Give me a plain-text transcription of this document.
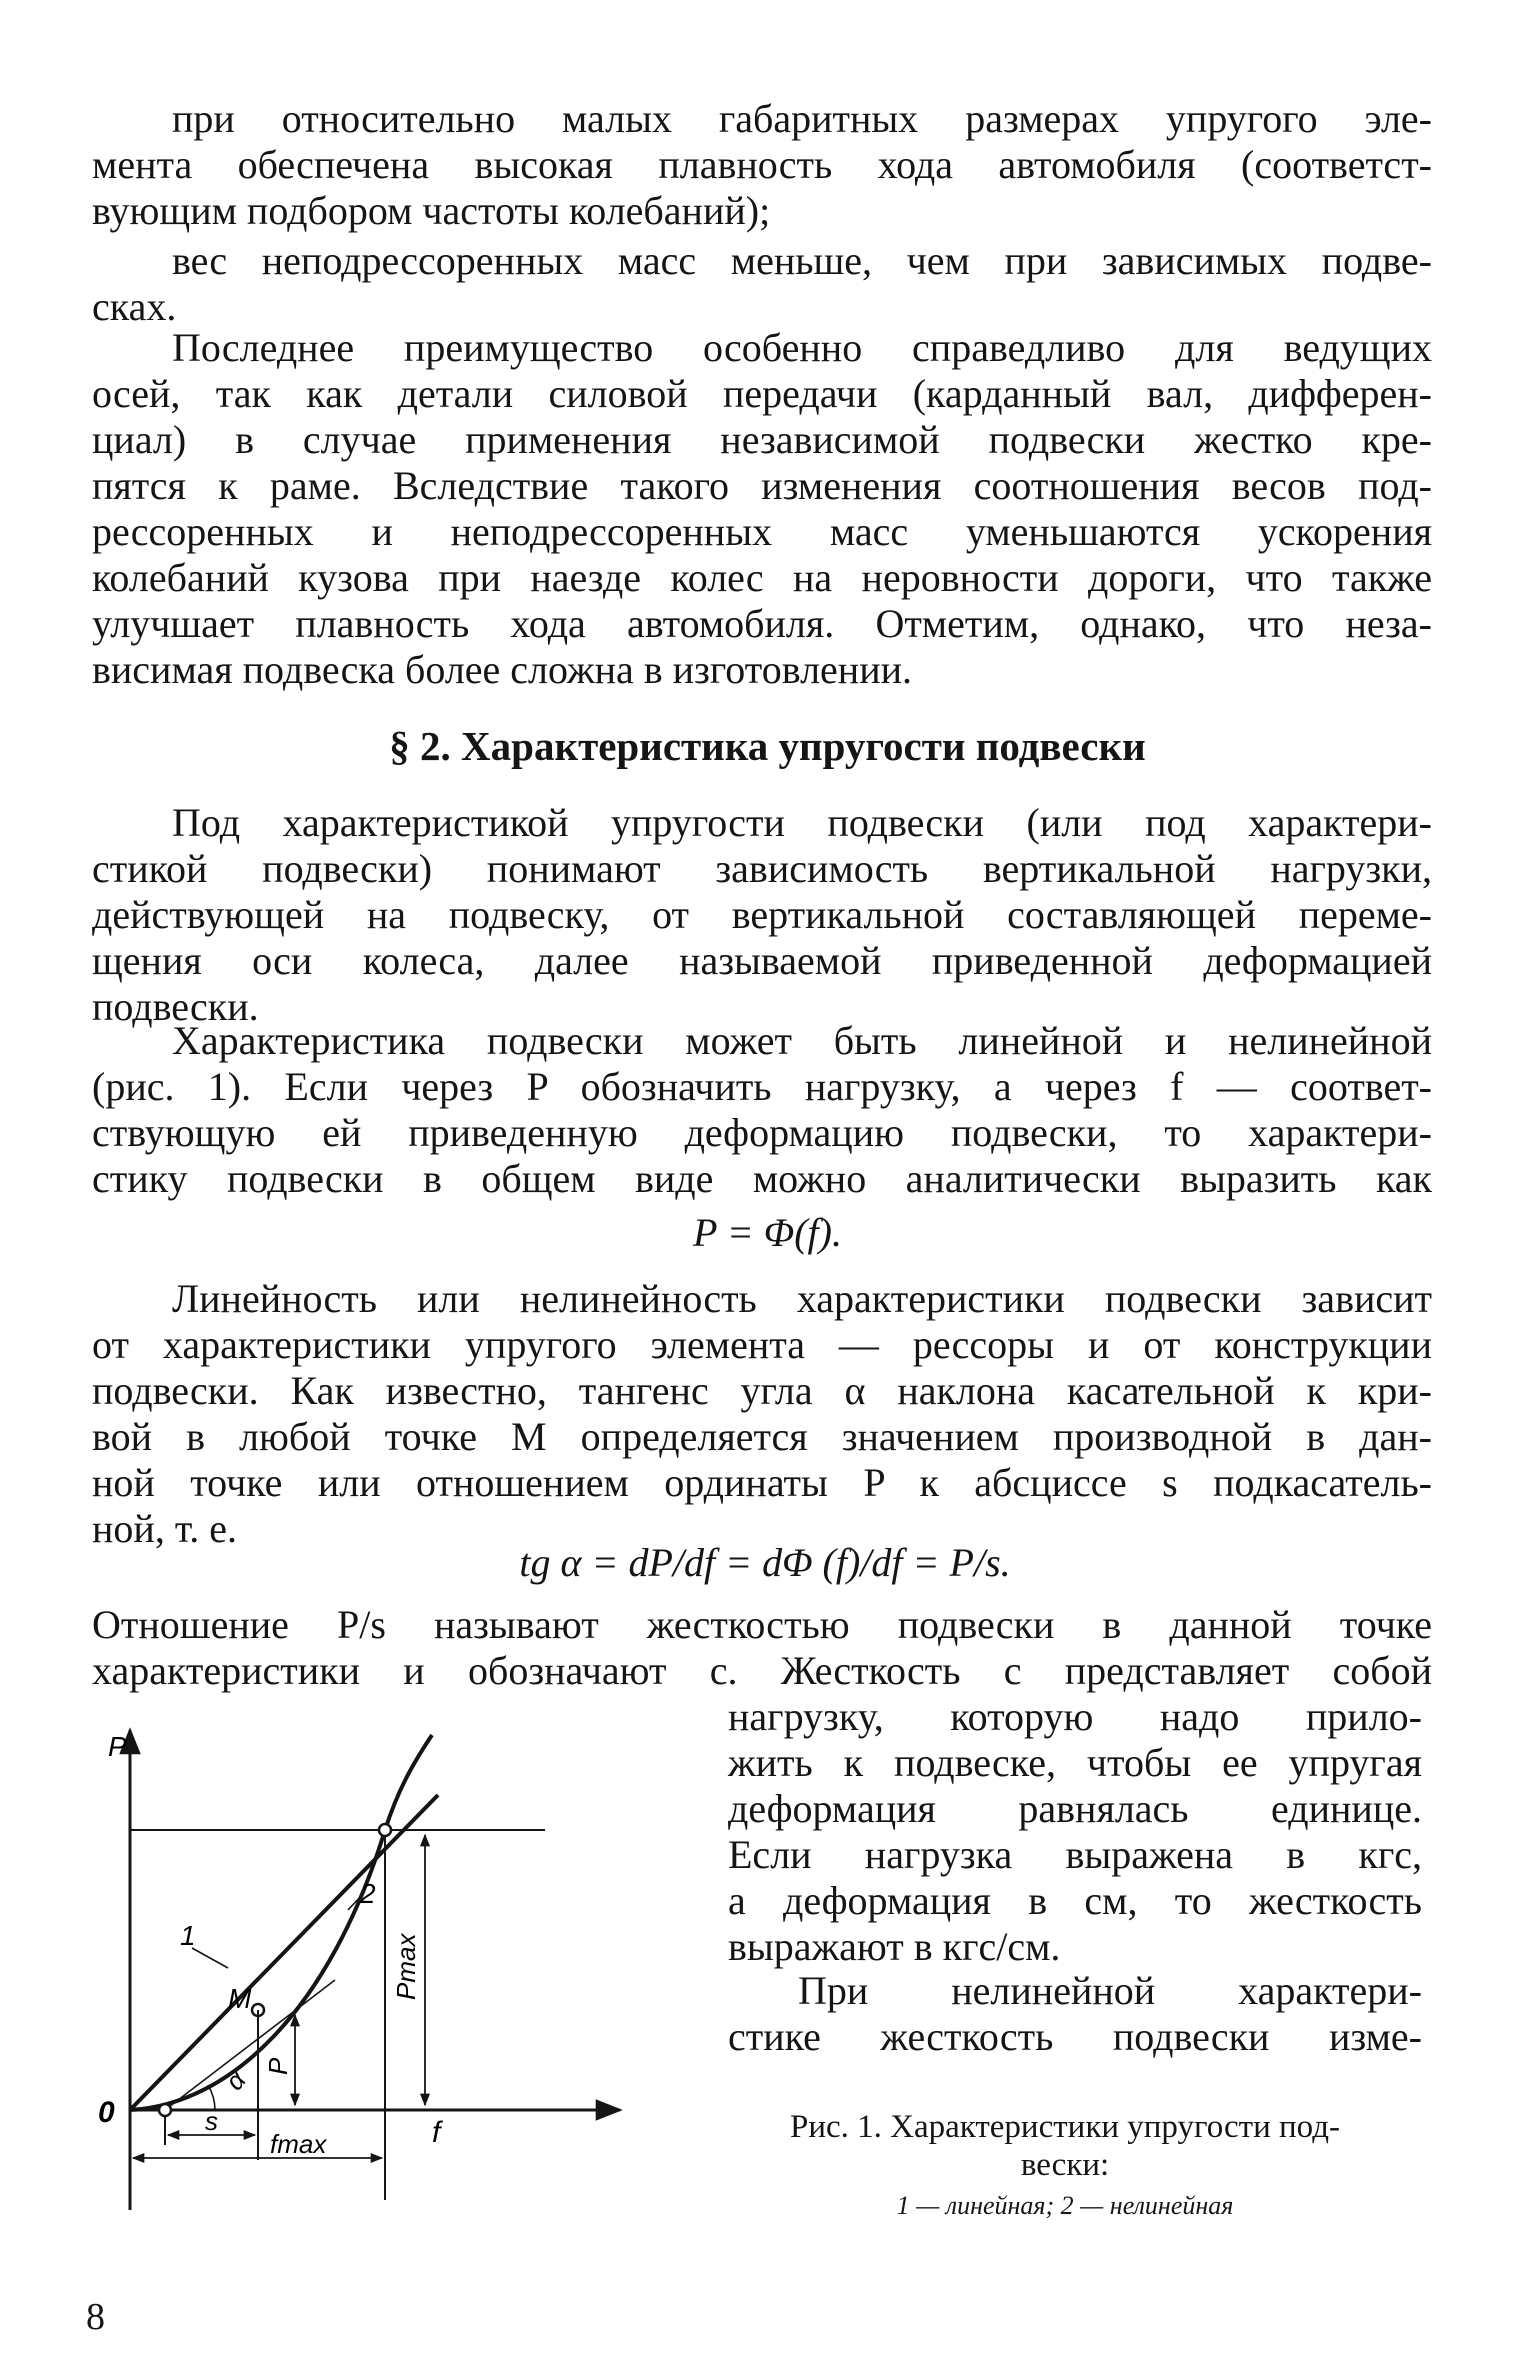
при относительно малых габаритных размерах упругого эле-
мента обеспечена высокая плавность хода автомобиля (соответст-
вующим подбором частоты колебаний);
вес неподрессоренных масс меньше, чем при зависимых подве-
сках.
Последнее преимущество особенно справедливо для ведущих
осей, так как детали силовой передачи (карданный вал, дифферен-
циал) в случае применения независимой подвески жестко кре-
пятся к раме. Вследствие такого изменения соотношения весов под-
рессоренных и неподрессоренных масс уменьшаются ускорения
колебаний кузова при наезде колес на неровности дороги, что также
улучшает плавность хода автомобиля. Отметим, однако, что неза-
висимая подвеска более сложна в изготовлении.
§ 2. Характеристика упругости подвески
Под характеристикой упругости подвески (или под характери-
стикой подвески) понимают зависимость вертикальной нагрузки,
действующей на подвеску, от вертикальной составляющей переме-
щения оси колеса, далее называемой приведенной деформацией
подвески.
Характеристика подвески может быть линейной и нелинейной
(рис. 1). Если через P обозначить нагрузку, а через f — соответ-
ствующую ей приведенную деформацию подвески, то характери-
стику подвески в общем виде можно аналитически выразить как
P = Φ(f).
Линейность или нелинейность характеристики подвески зависит
от характеристики упругого элемента — рессоры и от конструкции
подвески. Как известно, тангенс угла α наклона касательной к кри-
вой в любой точке M определяется значением производной в дан-
ной точке или отношением ординаты P к абсциссе s подкасатель-
ной, т. е.
tg α = dP/df = dΦ (f)/df = P/s.
Отношение P/s называют жесткостью подвески в данной точке
характеристики и обозначают c. Жесткость c представляет собой
нагрузку, которую надо прило-
жить к подвеске, чтобы ее упругая
деформация равнялась единице.
Если нагрузка выражена в кгс,
а деформация в см, то жесткость
выражают в кгс/см.
При нелинейной характери-
стике жесткость подвески изме-
Рис. 1. Характеристики упругости под-
вески:
1 — линейная; 2 — нелинейная
P
f
0
1
2
M
α
s
fmax
Pmax
P
8
